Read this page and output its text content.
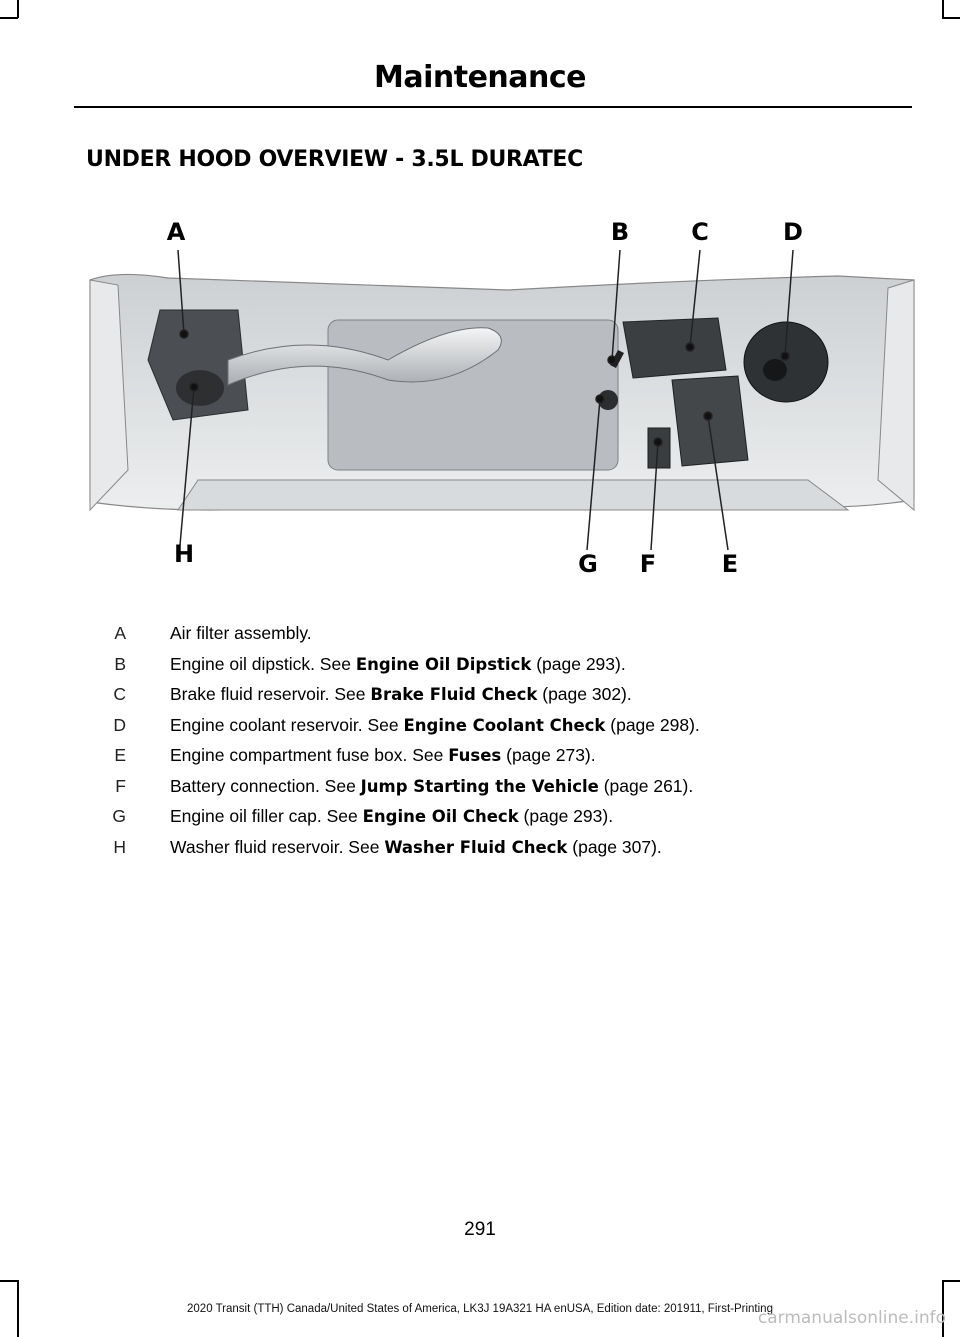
Maintenance
UNDER HOOD OVERVIEW - 3.5L DURATEC
A	B	C	D
E
F
G
H
A	Air filter assembly.
B	Engine oil dipstick. See Engine Oil Dipstick (page 293).
C	Brake fluid reservoir. See Brake Fluid Check (page 302).
D	Engine coolant reservoir. See Engine Coolant Check (page 298).
E	Engine compartment fuse box. See Fuses (page 273).
F	Battery connection. See Jump Starting the Vehicle (page 261).
G	Engine oil filler cap. See Engine Oil Check (page 293).
H	Washer fluid reservoir. See Washer Fluid Check (page 307).
291
2020 Transit (TTH) Canada/United States of America, LK3J 19A321 HA enUSA, Edition date: 201911, First-Printing
carmanualsonline.info
